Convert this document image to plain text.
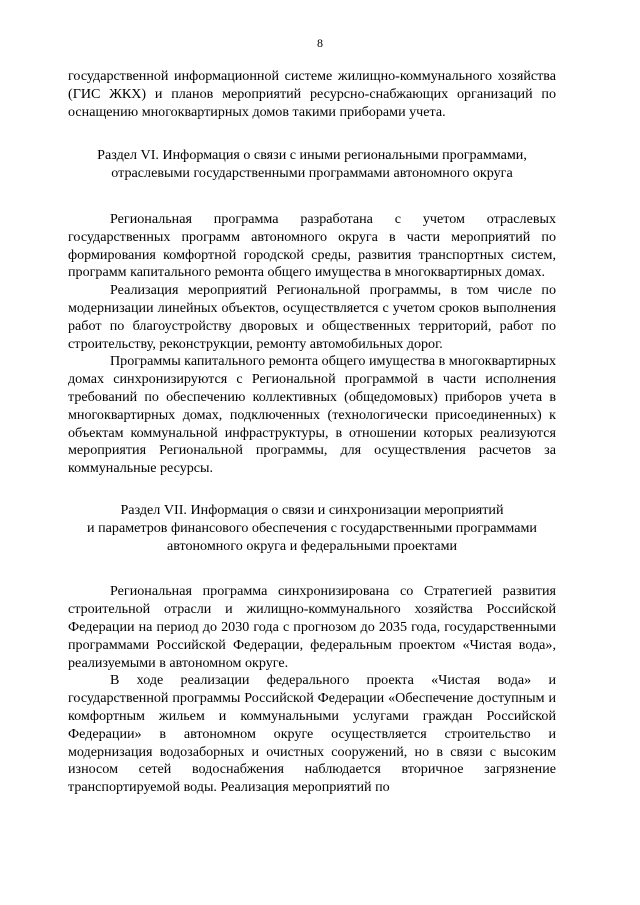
8

государственной информационной системе жилищно-коммунального хозяйства (ГИС ЖКХ) и планов мероприятий ресурсно-снабжающих организаций по оснащению многоквартирных домов такими приборами учета.

Раздел VI. Информация о связи с иными региональными программами,
отраслевыми государственными программами автономного округа

Региональная программа разработана с учетом отраслевых государственных программ автономного округа в части мероприятий по формирования комфортной городской среды, развития транспортных систем, программ капитального ремонта общего имущества в многоквартирных домах.

Реализация мероприятий Региональной программы, в том числе по модернизации линейных объектов, осуществляется с учетом сроков выполнения работ по благоустройству дворовых и общественных территорий, работ по строительству, реконструкции, ремонту автомобильных дорог.

Программы капитального ремонта общего имущества в многоквартирных домах синхронизируются с Региональной программой в части исполнения требований по обеспечению коллективных (общедомовых) приборов учета в многоквартирных домах, подключенных (технологически присоединенных) к объектам коммунальной инфраструктуры, в отношении которых реализуются мероприятия Региональной программы, для осуществления расчетов за коммунальные ресурсы.

Раздел VII. Информация о связи и синхронизации мероприятий
и параметров финансового обеспечения с государственными программами
автономного округа и федеральными проектами

Региональная программа синхронизирована со Стратегией развития строительной отрасли и жилищно-коммунального хозяйства Российской Федерации на период до 2030 года с прогнозом до 2035 года, государственными программами Российской Федерации, федеральным проектом «Чистая вода», реализуемыми в автономном округе.

В ходе реализации федерального проекта «Чистая вода» и государственной программы Российской Федерации «Обеспечение доступным и комфортным жильем и коммунальными услугами граждан Российской Федерации» в автономном округе осуществляется строительство и модернизация водозаборных и очистных сооружений, но в связи с высоким износом сетей водоснабжения наблюдается вторичное загрязнение транспортируемой воды. Реализация мероприятий по
